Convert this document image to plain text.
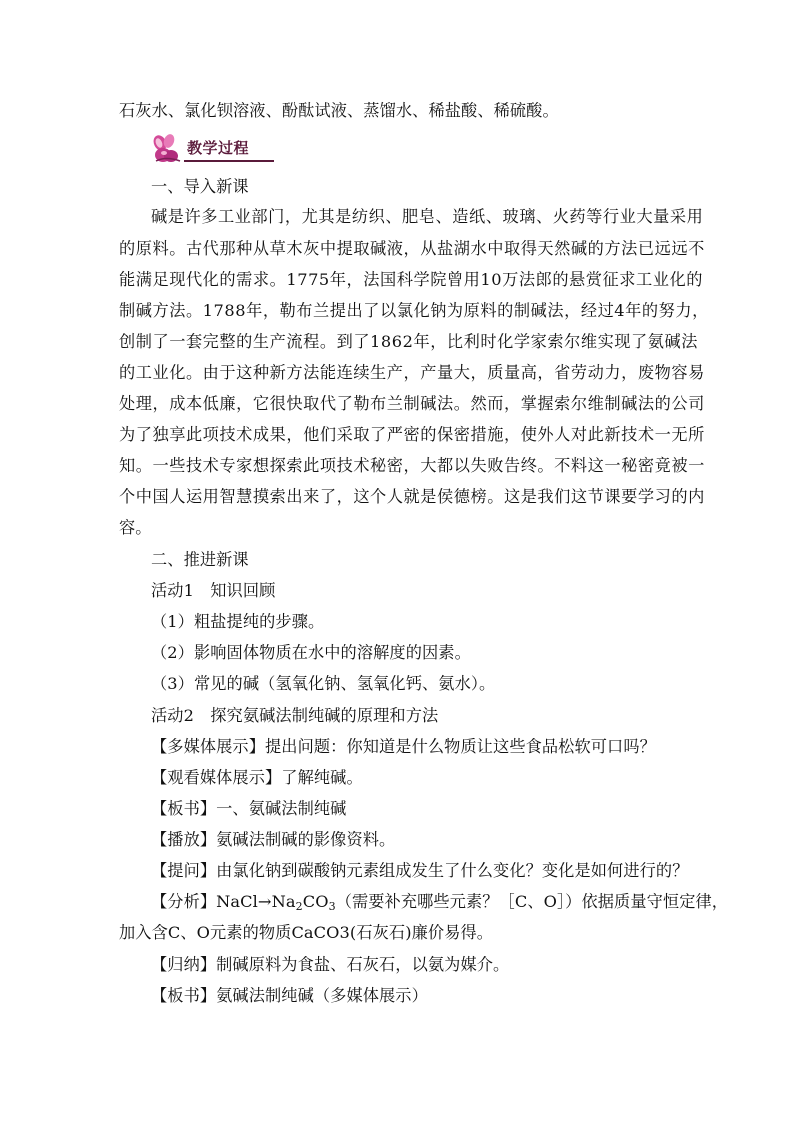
石灰水、氯化钡溶液、酚酞试液、蒸馏水、稀盐酸、稀硫酸。
教学过程
一、导入新课
碱是许多工业部门，尤其是纺织、肥皂、造纸、玻璃、火药等行业大量采用
的原料。古代那种从草木灰中提取碱液，从盐湖水中取得天然碱的方法已远远不
能满足现代化的需求。1775年，法国科学院曾用10万法郎的悬赏征求工业化的
制碱方法。1788年，勒布兰提出了以氯化钠为原料的制碱法，经过4年的努力，
创制了一套完整的生产流程。到了1862年，比利时化学家索尔维实现了氨碱法
的工业化。由于这种新方法能连续生产，产量大，质量高，省劳动力，废物容易
处理，成本低廉，它很快取代了勒布兰制碱法。然而，掌握索尔维制碱法的公司
为了独享此项技术成果，他们采取了严密的保密措施，使外人对此新技术一无所
知。一些技术专家想探索此项技术秘密，大都以失败告终。不料这一秘密竟被一
个中国人运用智慧摸索出来了，这个人就是侯德榜。这是我们这节课要学习的内
容。
二、推进新课
活动1　知识回顾
（1）粗盐提纯的步骤。
（2）影响固体物质在水中的溶解度的因素。
（3）常见的碱（氢氧化钠、氢氧化钙、氨水）。
活动2　探究氨碱法制纯碱的原理和方法
【多媒体展示】提出问题：你知道是什么物质让这些食品松软可口吗？
【观看媒体展示】了解纯碱。
【板书】一、氨碱法制纯碱
【播放】氨碱法制碱的影像资料。
【提问】由氯化钠到碳酸钠元素组成发生了什么变化？变化是如何进行的？
【分析】$NaCl\to Na_2CO_3$（需要补充哪些元素？［C、O］）依据质量守恒定律，
加入含C、O元素的物质CaCO3(石灰石)廉价易得。
【归纳】制碱原料为食盐、石灰石，以氨为媒介。
【板书】氨碱法制纯碱（多媒体展示）
